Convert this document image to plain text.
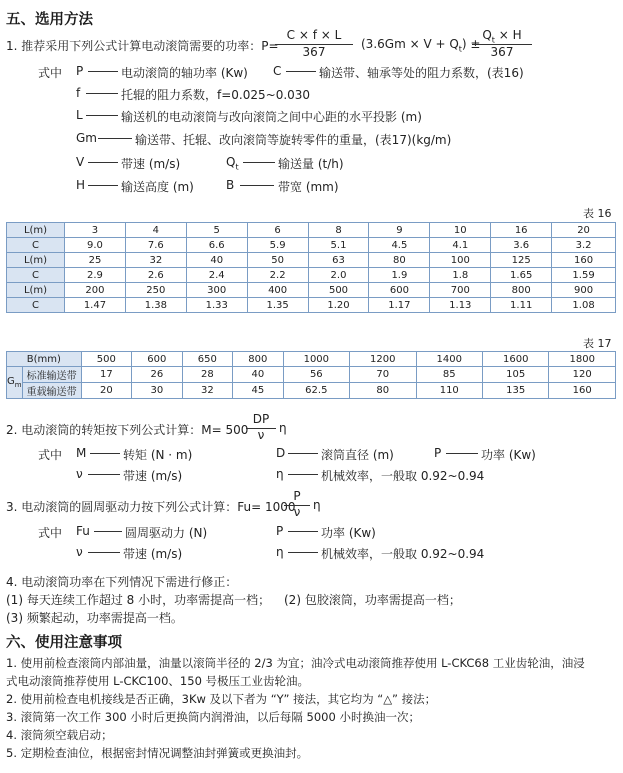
五、选用方法
1. 推荐采用下列公式计算电动滚筒需要的功率：P=
C × f × L
367
$(3.6Gm \times V + Q_t)$ ±
$Q_t \times H$
367
式中 P	电动滚筒的轴功率 (Kw) C	输送带、轴承等处的阻力系数，(表16)
f	托辊的阻力系数，f=0.025~0.030
L	输送机的电动滚筒与改向滚筒之间中心距的水平投影 (m)
Gm	输送带、托辊、改向滚筒等旋转零件的重量，(表17)(kg/m)
V	带速 (m/s)	$Q_t$	输送量 (t/h)
H	输送高度 (m)	B	带宽 (mm)
表 16
L(m)	3	4	5	6	8	9	10	16	20
C	9.0	7.6	6.6	5.9	5.1	4.5	4.1	3.6	3.2
L(m)	25	32	40	50	63	80	100	125	160
C	2.9	2.6	2.4	2.2	2.0	1.9	1.8	1.65	1.59
L(m)	200	250	300	400	500	600	700	800	900
C	1.47	1.38	1.33	1.35	1.20	1.17	1.13	1.11	1.08
表 17
B(mm)		500	600	650	800	1000	1200	1400	1600	1800
$G_m$	标准输送带	17	26	28	40	56	70	85	105	120
	重载输送带	20	30	32	45	62.5	80	110	135	160
2. 电动滚筒的转矩按下列公式计算：M= 500
DP
ν	η
式中 M	转矩 (N · m)	D	滚筒直径 (m)	P	功率 (Kw)
ν	带速 (m/s)	η	机械效率，一般取 0.92~0.94
3. 电动滚筒的圆周驱动力按下列公式计算：Fu= 1000
P
ν	η
式中 Fu	圆周驱动力 (N)	P	功率 (Kw)
ν	带速 (m/s)	η	机械效率，一般取 0.92~0.94
4. 电动滚筒功率在下列情况下需进行修正：
(1) 每天连续工作超过 8 小时，功率需提高一档； (2) 包胶滚筒，功率需提高一档；
(3) 频繁起动，功率需提高一档。
六、使用注意事项
1. 使用前检查滚筒内部油量，油量以滚筒半径的 2/3 为宜；油冷式电动滚筒推荐使用 L-CKC68 工业齿轮油，油浸
式电动滚筒推荐使用 L-CKC100、150 号极压工业齿轮油。
2. 使用前检查电机接线是否正确，3Kw 及以下者为 “Y” 接法，其它均为 “△” 接法；
3. 滚筒第一次工作 300 小时后更换筒内润滑油，以后每隔 5000 小时换油一次；
4. 滚筒须空载启动；
5. 定期检查油位，根据密封情况调整油封弹簧或更换油封。
